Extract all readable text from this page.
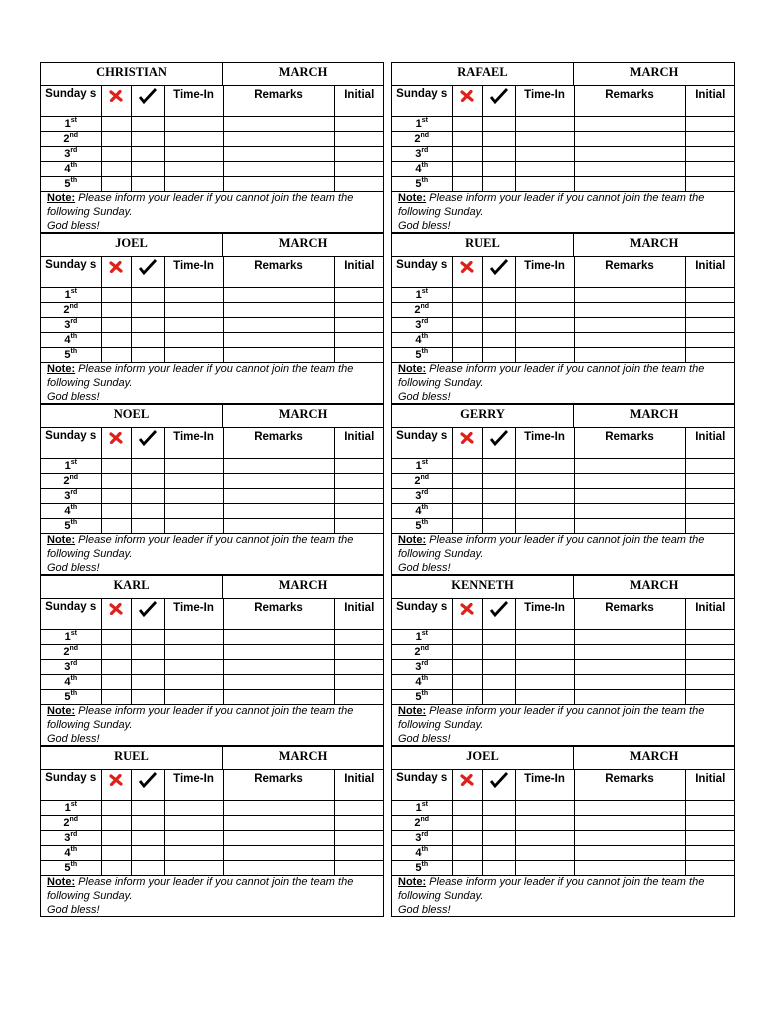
CHRISTIAN	MARCH
Sunday s			Time-In	Remarks	Initial
1st					
2nd					
3rd					
4th					
5th					
Note: Please inform your leader if you cannot join the team the following Sunday.
God bless!
RAFAEL	MARCH
Sunday s			Time-In	Remarks	Initial
1st					
2nd					
3rd					
4th					
5th					
Note: Please inform your leader if you cannot join the team the following Sunday.
God bless!
JOEL	MARCH
Sunday s			Time-In	Remarks	Initial
1st					
2nd					
3rd					
4th					
5th					
Note: Please inform your leader if you cannot join the team the following Sunday.
God bless!
RUEL	MARCH
Sunday s			Time-In	Remarks	Initial
1st					
2nd					
3rd					
4th					
5th					
Note: Please inform your leader if you cannot join the team the following Sunday.
God bless!
NOEL	MARCH
Sunday s			Time-In	Remarks	Initial
1st					
2nd					
3rd					
4th					
5th					
Note: Please inform your leader if you cannot join the team the following Sunday.
God bless!
GERRY	MARCH
Sunday s			Time-In	Remarks	Initial
1st					
2nd					
3rd					
4th					
5th					
Note: Please inform your leader if you cannot join the team the following Sunday.
God bless!
KARL	MARCH
Sunday s			Time-In	Remarks	Initial
1st					
2nd					
3rd					
4th					
5th					
Note: Please inform your leader if you cannot join the team the following Sunday.
God bless!
KENNETH	MARCH
Sunday s			Time-In	Remarks	Initial
1st					
2nd					
3rd					
4th					
5th					
Note: Please inform your leader if you cannot join the team the following Sunday.
God bless!
RUEL	MARCH
Sunday s			Time-In	Remarks	Initial
1st					
2nd					
3rd					
4th					
5th					
Note: Please inform your leader if you cannot join the team the following Sunday.
God bless!
JOEL	MARCH
Sunday s			Time-In	Remarks	Initial
1st					
2nd					
3rd					
4th					
5th					
Note: Please inform your leader if you cannot join the team the following Sunday.
God bless!
